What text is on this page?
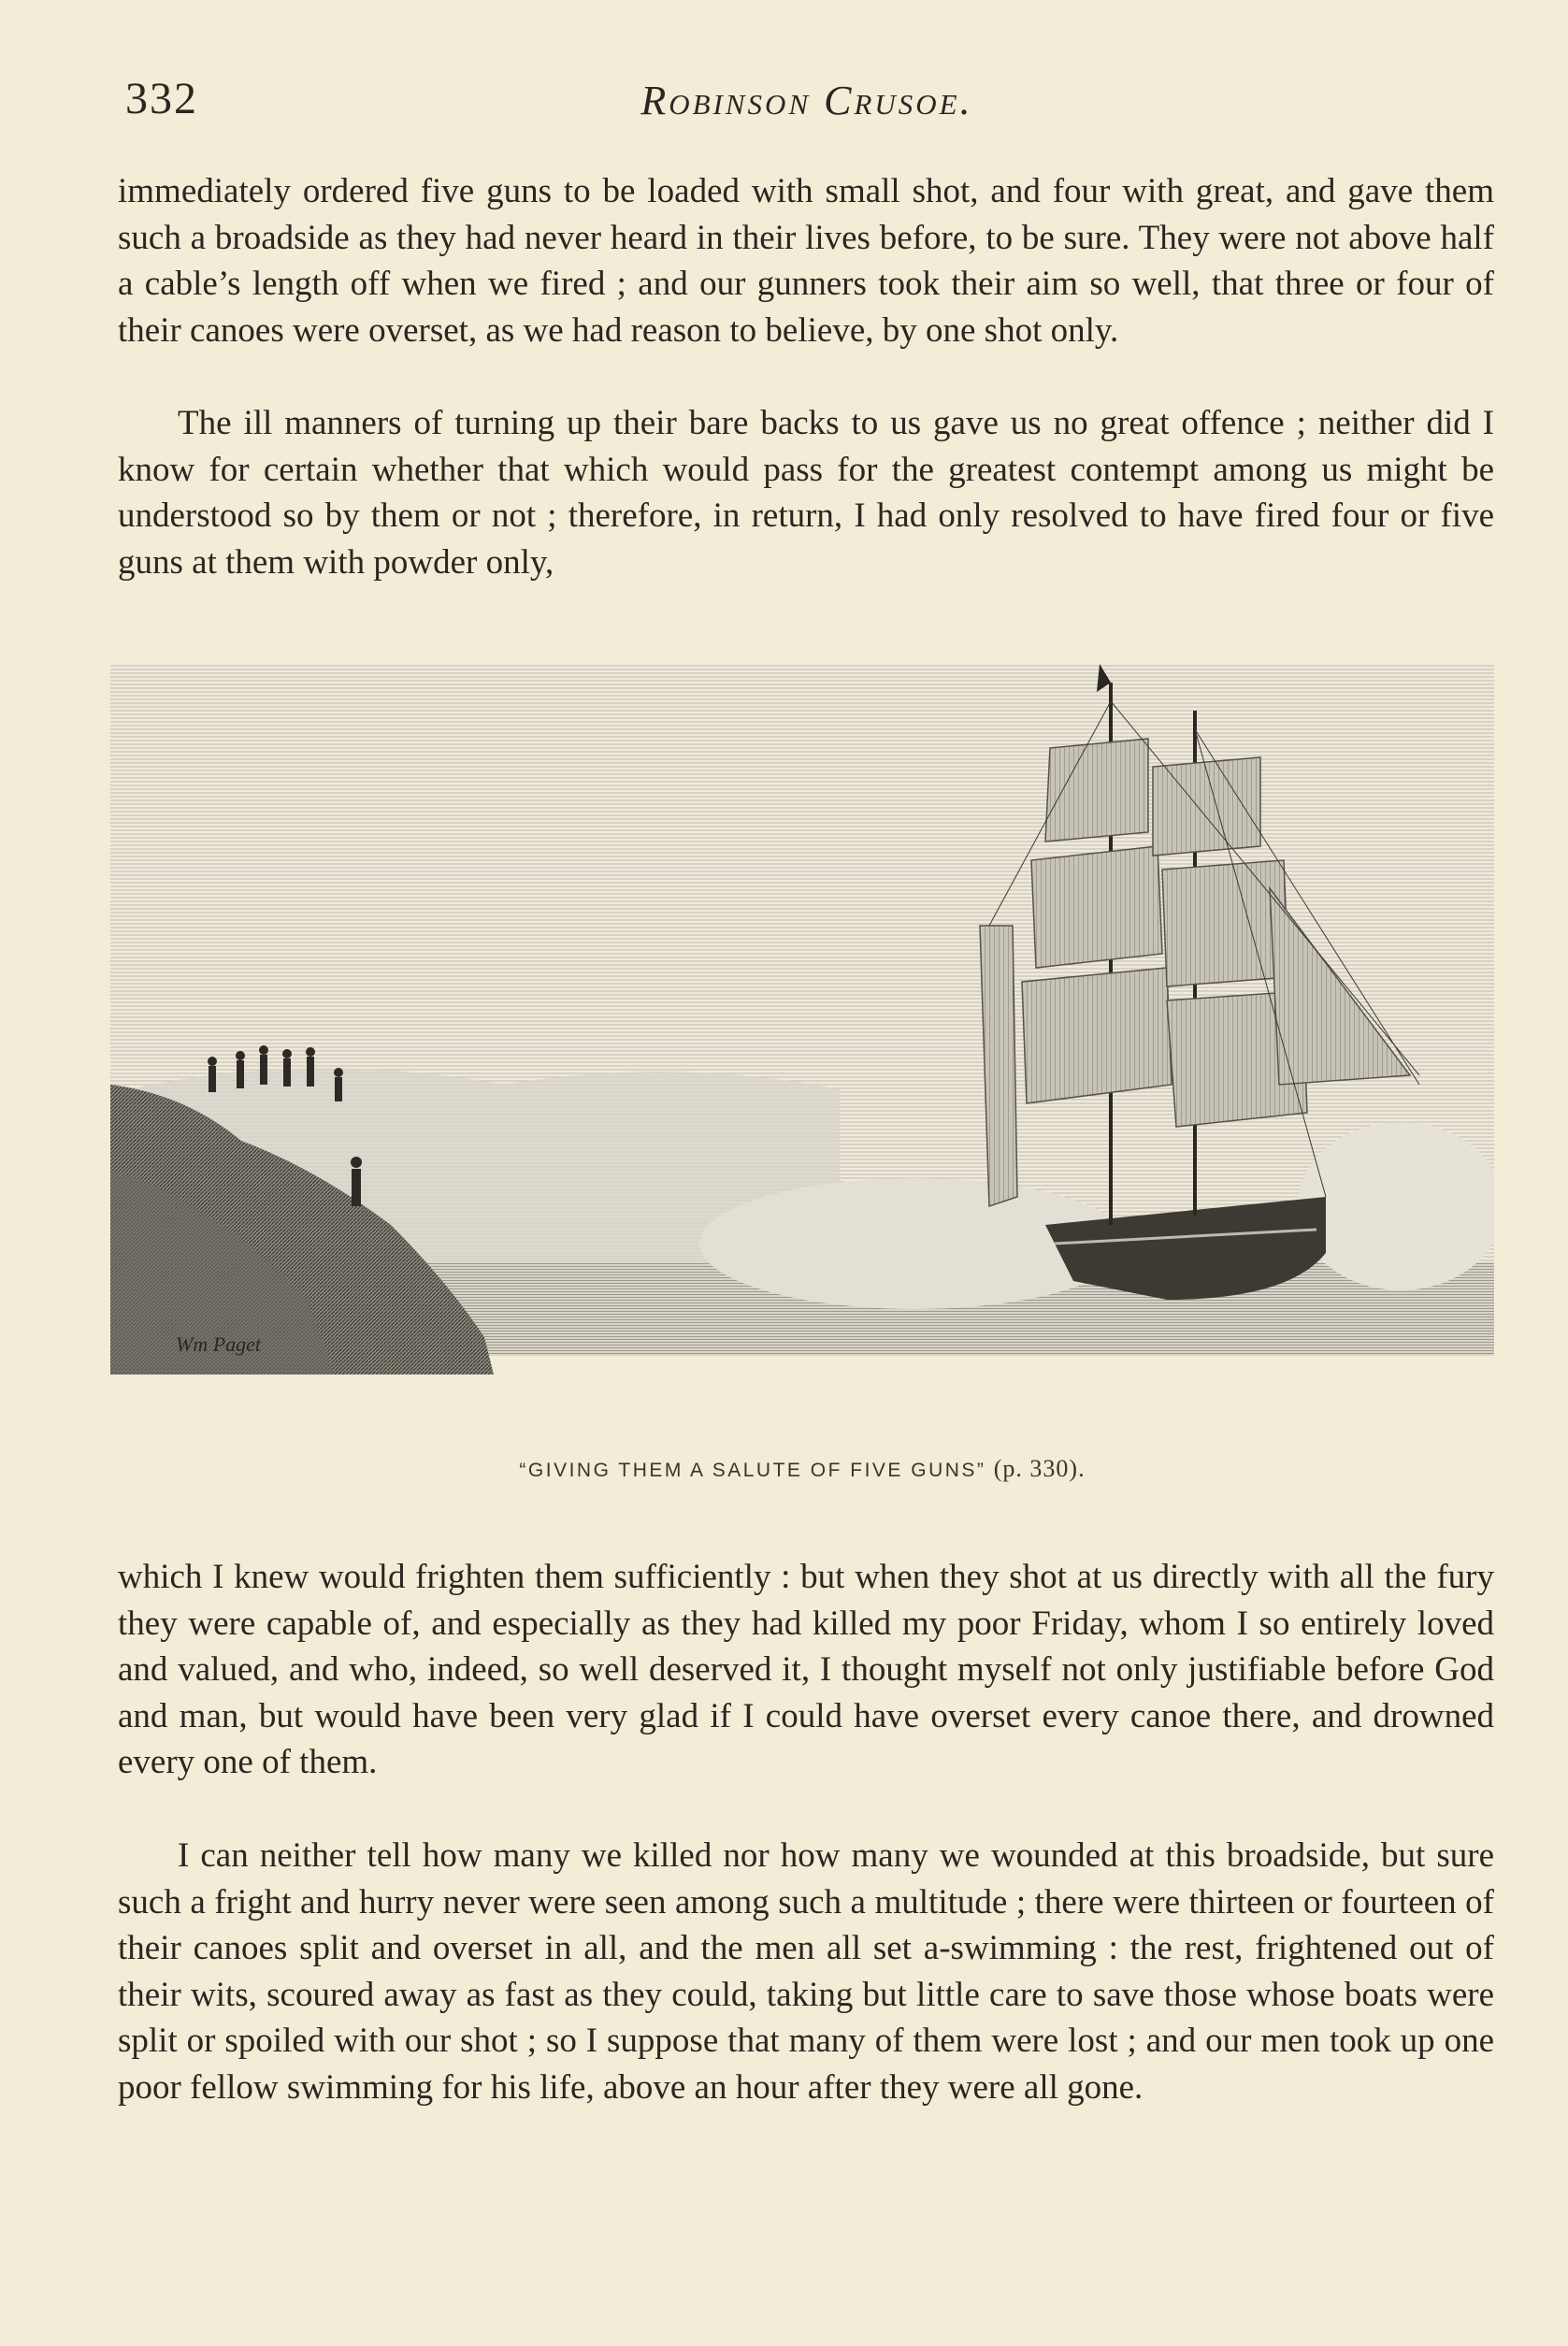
332	Robinson Crusoe.

immediately ordered five guns to be loaded with small shot, and four with great, and gave them such a broadside as they had never heard in their lives before, to be sure. They were not above half a cable’s length off when we fired ; and our gunners took their aim so well, that three or four of their canoes were overset, as we had reason to believe, by one shot only.

The ill manners of turning up their bare backs to us gave us no great offence ; neither did I know for certain whether that which would pass for the greatest contempt among us might be understood so by them or not ; therefore, in return, I had only resolved to have fired four or five guns at them with powder only,

Wm Paget
“GIVING THEM A SALUTE OF FIVE GUNS” (p. 330).

which I knew would frighten them sufficiently : but when they shot at us directly with all the fury they were capable of, and especially as they had killed my poor Friday, whom I so entirely loved and valued, and who, indeed, so well deserved it, I thought myself not only justifiable before God and man, but would have been very glad if I could have overset every canoe there, and drowned every one of them.

I can neither tell how many we killed nor how many we wounded at this broadside, but sure such a fright and hurry never were seen among such a multitude ; there were thirteen or fourteen of their canoes split and overset in all, and the men all set a-swimming : the rest, frightened out of their wits, scoured away as fast as they could, taking but little care to save those whose boats were split or spoiled with our shot ; so I suppose that many of them were lost ; and our men took up one poor fellow swimming for his life, above an hour after they were all gone.
